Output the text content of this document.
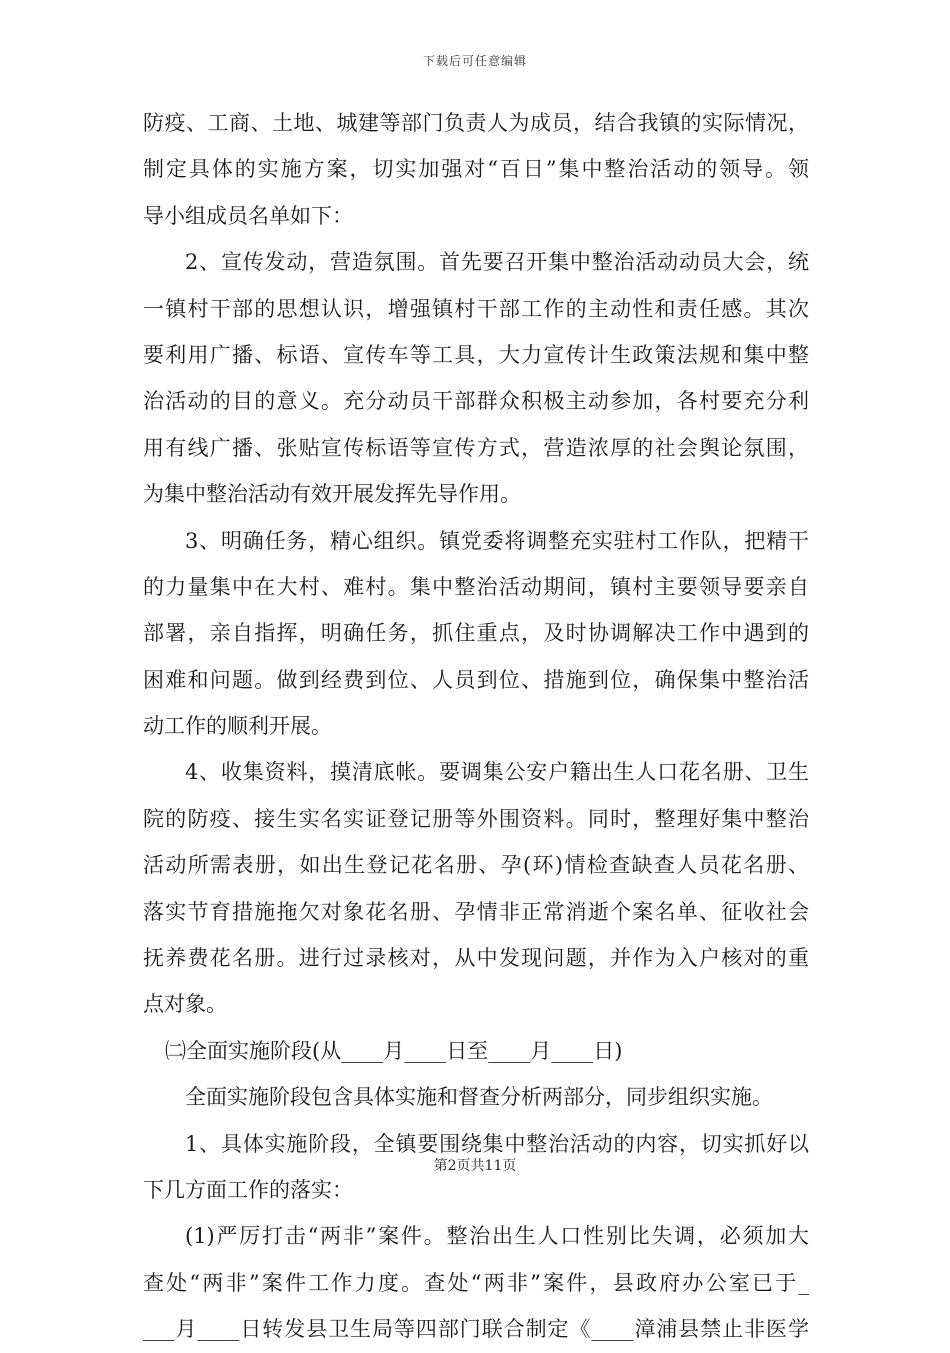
下载后可任意编辑
防疫、工商、土地、城建等部门负责人为成员，结合我镇的实际情况，
制定具体的实施方案，切实加强对“百日”集中整治活动的领导。领
导小组成员名单如下：
2、宣传发动，营造氛围。首先要召开集中整治活动动员大会，统
一镇村干部的思想认识，增强镇村干部工作的主动性和责任感。其次
要利用广播、标语、宣传车等工具，大力宣传计生政策法规和集中整
治活动的目的意义。充分动员干部群众积极主动参加，各村要充分利
用有线广播、张贴宣传标语等宣传方式，营造浓厚的社会舆论氛围，
为集中整治活动有效开展发挥先导作用。
3、明确任务，精心组织。镇党委将调整充实驻村工作队，把精干
的力量集中在大村、难村。集中整治活动期间，镇村主要领导要亲自
部署，亲自指挥，明确任务，抓住重点，及时协调解决工作中遇到的
困难和问题。做到经费到位、人员到位、措施到位，确保集中整治活
动工作的顺利开展。
4、收集资料，摸清底帐。要调集公安户籍出生人口花名册、卫生
院的防疫、接生实名实证登记册等外围资料。同时，整理好集中整治
活动所需表册，如出生登记花名册、孕(环)情检查缺查人员花名册、
落实节育措施拖欠对象花名册、孕情非正常消逝个案名单、征收社会
抚养费花名册。进行过录核对，从中发现问题，并作为入户核对的重
点对象。
㈡全面实施阶段(从____月____日至____月____日)
全面实施阶段包含具体实施和督查分析两部分，同步组织实施。
1、具体实施阶段，全镇要围绕集中整治活动的内容，切实抓好以
下几方面工作的落实：
(1)严厉打击“两非”案件。整治出生人口性别比失调，必须加大
查处“两非”案件工作力度。查处“两非”案件，县政府办公室已于_
___月____日转发县卫生局等四部门联合制定《____漳浦县禁止非医学
第2页共11页
